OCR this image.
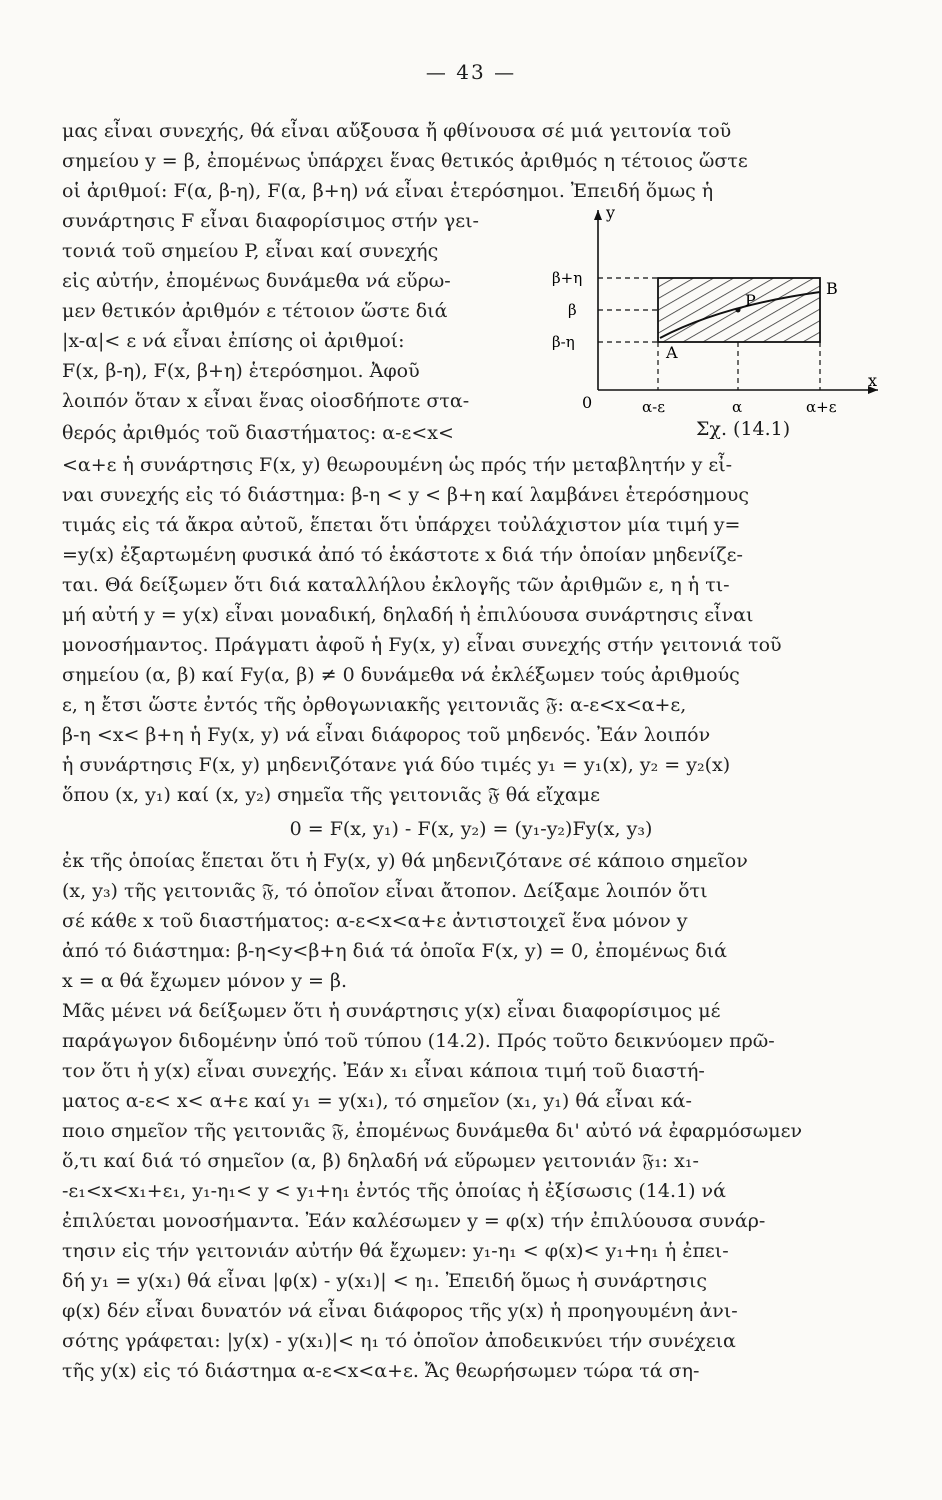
— 43 —
μας εἶναι συνεχής, θά εἶναι αὔξουσα ἤ φθίνουσα σέ μιά γειτονία τοῦ
σημείου y = β, ἐπομένως ὑπάρχει ἕνας θετικός ἀριθμός η τέτοιος ὥστε
οἱ ἀριθμοί: F(α, β-η), F(α, β+η) νά εἶναι ἑτερόσημοι. Ἐπειδή ὅμως ἡ
συνάρτησις F εἶναι διαφορίσιμος στήν γει-
τονιά τοῦ σημείου P, εἶναι καί συνεχής
εἰς αὐτήν, ἐπομένως δυνάμεθα νά εὕρω-
μεν θετικόν ἀριθμόν ε τέτοιον ὥστε διά
|x-α|< ε νά εἶναι ἐπίσης οἱ ἀριθμοί:
F(x, β-η), F(x, β+η) ἑτερόσημοι. Ἀφοῦ
λοιπόν ὅταν x εἶναι ἕνας οἱοσδήποτε στα-
θερός ἀριθμός τοῦ διαστήματος: α-ε<x<
<α+ε ἡ συνάρτησις F(x, y) θεωρουμένη ὡς πρός τήν μεταβλητήν y εἶ-
ναι συνεχής εἰς τό διάστημα: β-η < y < β+η καί λαμβάνει ἑτερόσημους
τιμάς εἰς τά ἄκρα αὐτοῦ, ἕπεται ὅτι ὑπάρχει τοὐλάχιστον μία τιμή y=
=y(x) ἐξαρτωμένη φυσικά ἀπό τό ἑκάστοτε x διά τήν ὁποίαν μηδενίζε-
ται. Θά δείξωμεν ὅτι διά καταλλήλου ἐκλογῆς τῶν ἀριθμῶν ε, η ἡ τι-
μή αὐτή y = y(x) εἶναι μοναδική, δηλαδή ἡ ἐπιλύουσα συνάρτησις εἶναι
μονοσήμαντος. Πράγματι ἀφοῦ ἡ Fy(x, y) εἶναι συνεχής στήν γειτονιά τοῦ
σημείου (α, β) καί Fy(α, β) ≠ 0 δυνάμεθα νά ἐκλέξωμεν τούς ἀριθμούς
ε, η ἔτσι ὥστε ἐντός τῆς ὀρθογωνιακῆς γειτονιᾶς 𝔉: α-ε<x<α+ε,
β-η <x< β+η ἡ Fy(x, y) νά εἶναι διάφορος τοῦ μηδενός. Ἐάν λοιπόν
ἡ συνάρτησις F(x, y) μηδενιζότανε γιά δύο τιμές y₁ = y₁(x), y₂ = y₂(x)
ὅπου (x, y₁) καί (x, y₂) σημεῖα τῆς γειτονιᾶς 𝔉 θά εἴχαμε
0 = F(x, y₁) - F(x, y₂) = (y₁-y₂)Fy(x, y₃)
ἐκ τῆς ὁποίας ἕπεται ὅτι ἡ Fy(x, y) θά μηδενιζότανε σέ κάποιο σημεῖον
(x, y₃) τῆς γειτονιᾶς 𝔉, τό ὁποῖον εἶναι ἄτοπον. Δείξαμε λοιπόν ὅτι
σέ κάθε x τοῦ διαστήματος: α-ε<x<α+ε ἀντιστοιχεῖ ἕνα μόνον y
ἀπό τό διάστημα: β-η<y<β+η διά τά ὁποῖα F(x, y) = 0, ἐπομένως διά
x = α θά ἔχωμεν μόνον y = β.
Μᾶς μένει νά δείξωμεν ὅτι ἡ συνάρτησις y(x) εἶναι διαφορίσιμος μέ
παράγωγον διδομένην ὑπό τοῦ τύπου (14.2). Πρός τοῦτο δεικνύομεν πρῶ-
τον ὅτι ἡ y(x) εἶναι συνεχής. Ἐάν x₁ εἶναι κάποια τιμή τοῦ διαστή-
ματος α-ε< x< α+ε καί y₁ = y(x₁), τό σημεῖον (x₁, y₁) θά εἶναι κά-
ποιο σημεῖον τῆς γειτονιᾶς 𝔉, ἐπομένως δυνάμεθα δι' αὐτό νά ἐφαρμόσωμεν
ὅ,τι καί διά τό σημεῖον (α, β) δηλαδή νά εὕρωμεν γειτονιάν 𝔉₁: x₁-
-ε₁<x<x₁+ε₁, y₁-η₁< y < y₁+η₁ ἐντός τῆς ὁποίας ἡ ἐξίσωσις (14.1) νά
ἐπιλύεται μονοσήμαντα. Ἐάν καλέσωμεν y = φ(x) τήν ἐπιλύουσα συνάρ-
τησιν εἰς τήν γειτονιάν αὐτήν θά ἔχωμεν: y₁-η₁ < φ(x)< y₁+η₁ ἡ ἐπει-
δή y₁ = y(x₁) θά εἶναι |φ(x) - y(x₁)| < η₁. Ἐπειδή ὅμως ἡ συνάρτησις
φ(x) δέν εἶναι δυνατόν νά εἶναι διάφορος τῆς y(x) ἡ προηγουμένη ἀνι-
σότης γράφεται: |y(x) - y(x₁)|< η₁ τό ὁποῖον ἀποδεικνύει τήν συνέχεια
τῆς y(x) εἰς τό διάστημα α-ε<x<α+ε. Ἄς θεωρήσωμεν τώρα τά ση-
y
x
0
β+η
β
β-η
α-ε	α	α+ε
P
A
B
Σχ. (14.1)
